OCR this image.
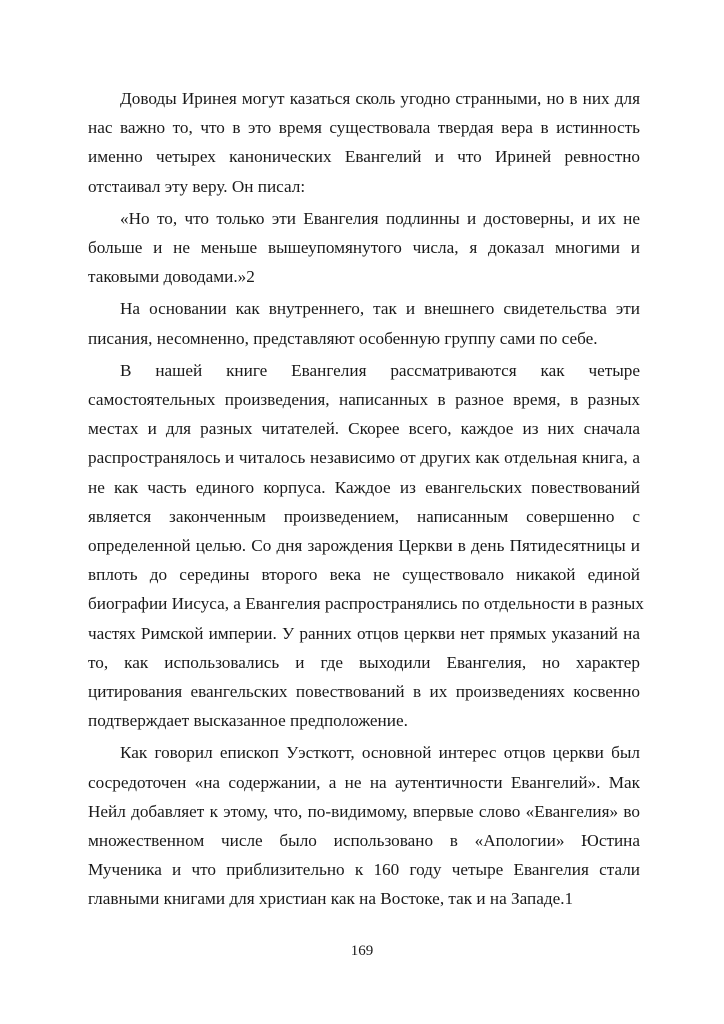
Доводы Иринея могут казаться сколь угодно странными, но в них для
нас важно то, что в это время существовала твердая вера в истинность
именно четырех канонических Евангелий и что Ириней ревностно
отстаивал эту веру. Он писал:

«Но то, что только эти Евангелия подлинны и достоверны, и их не
больше и не меньше вышеупомянутого числа, я доказал многими и
таковыми доводами.»2

На основании как внутреннего, так и внешнего свидетельства эти
писания, несомненно, представляют особенную группу сами по себе.

В нашей книге Евангелия рассматриваются как четыре
самостоятельных произведения, написанных в разное время, в разных
местах и для разных читателей. Скорее всего, каждое из них сначала
распространялось и читалось независимо от других как отдельная книга, а
не как часть единого корпуса. Каждое из евангельских повествований
является законченным произведением, написанным совершенно с
определенной целью. Со дня зарождения Церкви в день Пятидесятницы и
вплоть до середины второго века не существовало никакой единой
биографии Иисуса, а Евангелия распространялись по отдельности в разных
частях Римской империи. У ранних отцов церкви нет прямых указаний на
то, как использовались и где выходили Евангелия, но характер
цитирования евангельских повествований в их произведениях косвенно
подтверждает высказанное предположение.

Как говорил епископ Уэсткотт, основной интерес отцов церкви был
сосредоточен «на содержании, а не на аутентичности Евангелий». Мак
Нейл добавляет к этому, что, по-видимому, впервые слово «Евангелия» во
множественном числе было использовано в «Апологии» Юстина
Мученика и что приблизительно к 160 году четыре Евангелия стали
главными книгами для христиан как на Востоке, так и на Западе.1

169
